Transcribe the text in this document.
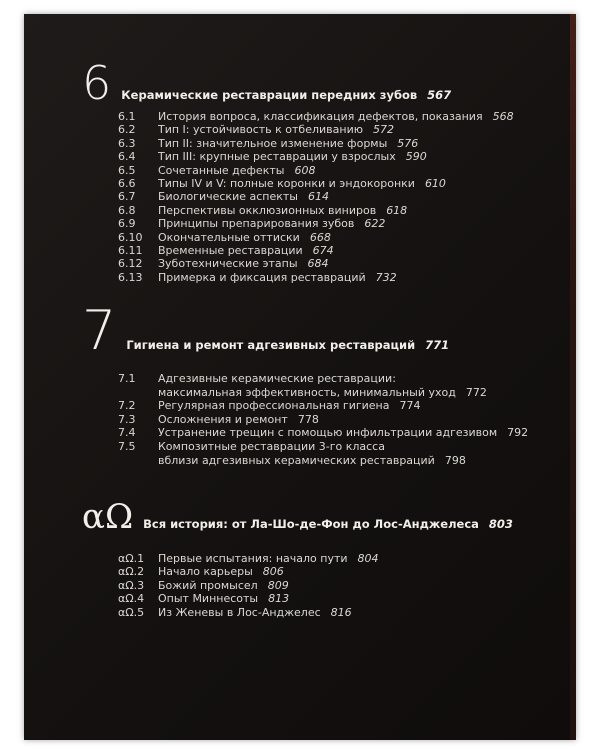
6 Керамические реставрации передних зубов 567
6.1	История вопроса, классификация дефектов, показания 568
6.2	Тип I: устойчивость к отбеливанию 572
6.3	Тип II: значительное изменение формы 576
6.4	Тип III: крупные реставрации у взрослых 590
6.5	Сочетанные дефекты 608
6.6	Типы IV и V: полные коронки и эндокоронки 610
6.7	Биологические аспекты 614
6.8	Перспективы окклюзионных виниров 618
6.9	Принципы препарирования зубов 622
6.10	Окончательные оттиски 668
6.11	Временные реставрации 674
6.12	Зуботехнические этапы 684
6.13	Примерка и фиксация реставраций 732
7 Гигиена и ремонт адгезивных реставраций 771
7.1	Адгезивные керамические реставрации:
максимальная эффективность, минимальный уход 772
7.2	Регулярная профессиональная гигиена 774
7.3	Осложнения и ремонт 778
7.4	Устранение трещин с помощью инфильтрации адгезивом 792
7.5	Композитные реставрации 3-го класса
вблизи адгезивных керамических реставраций 798
αΩ Вся история: от Ла-Шо-де-Фон до Лос-Анджелеса 803
αΩ.1	Первые испытания: начало пути 804
αΩ.2	Начало карьеры 806
αΩ.3	Божий промысел 809
αΩ.4	Опыт Миннесоты 813
αΩ.5	Из Женевы в Лос-Анджелес 816
